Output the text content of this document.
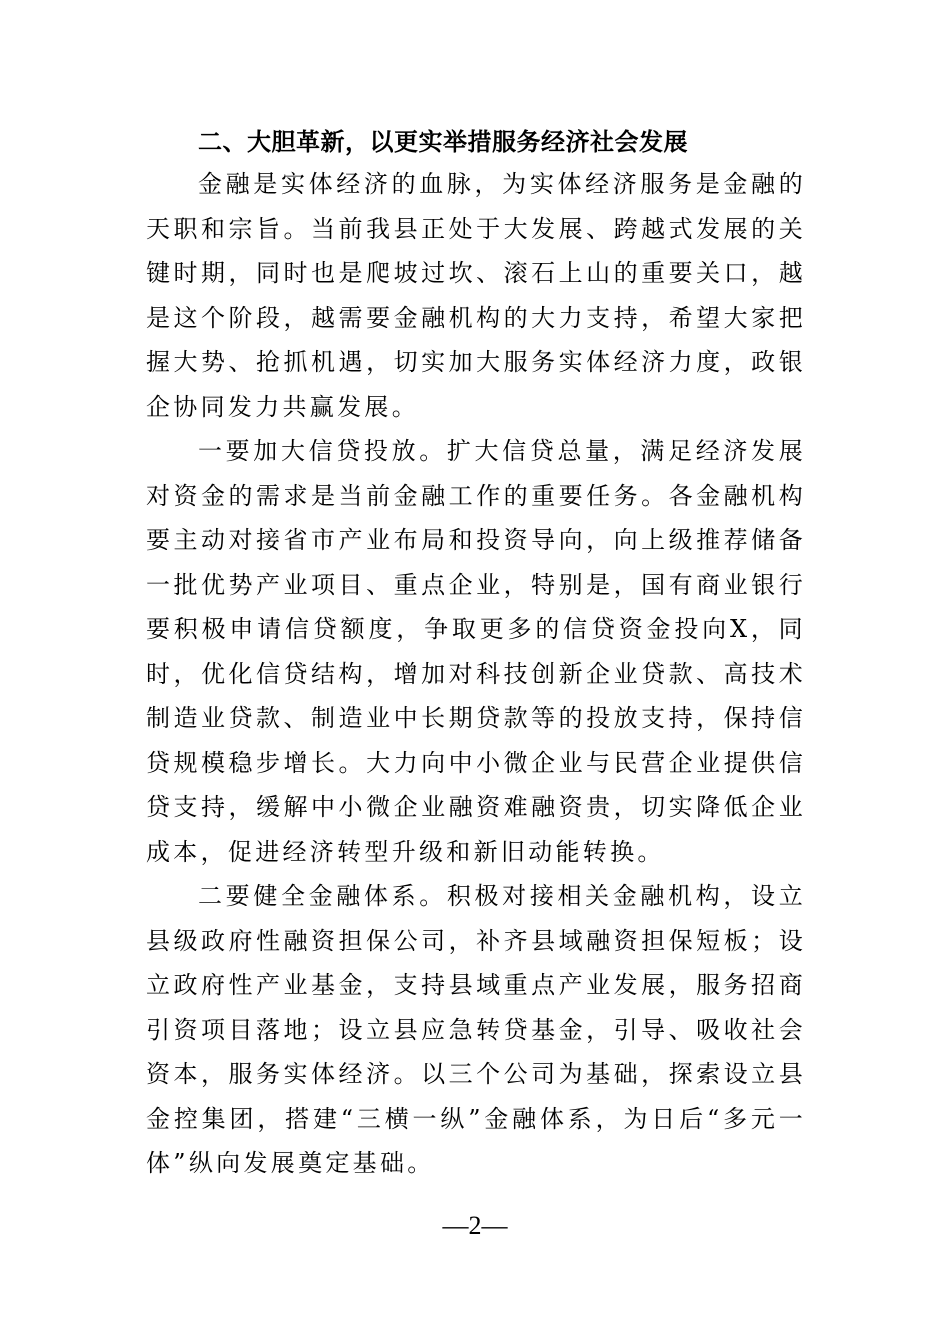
二、大胆革新，以更实举措服务经济社会发展

金融是实体经济的血脉，为实体经济服务是金融的天职和宗旨。当前我县正处于大发展、跨越式发展的关键时期，同时也是爬坡过坎、滚石上山的重要关口，越是这个阶段，越需要金融机构的大力支持，希望大家把握大势、抢抓机遇，切实加大服务实体经济力度，政银企协同发力共赢发展。

一要加大信贷投放。扩大信贷总量，满足经济发展对资金的需求是当前金融工作的重要任务。各金融机构要主动对接省市产业布局和投资导向，向上级推荐储备一批优势产业项目、重点企业，特别是，国有商业银行要积极申请信贷额度，争取更多的信贷资金投向X，同时，优化信贷结构，增加对科技创新企业贷款、高技术制造业贷款、制造业中长期贷款等的投放支持，保持信贷规模稳步增长。大力向中小微企业与民营企业提供信贷支持，缓解中小微企业融资难融资贵，切实降低企业成本，促进经济转型升级和新旧动能转换。

二要健全金融体系。积极对接相关金融机构，设立县级政府性融资担保公司，补齐县域融资担保短板；设立政府性产业基金，支持县域重点产业发展，服务招商引资项目落地；设立县应急转贷基金，引导、吸收社会资本，服务实体经济。以三个公司为基础，探索设立县金控集团，搭建“三横一纵”金融体系，为日后“多元一体”纵向发展奠定基础。

—2—
